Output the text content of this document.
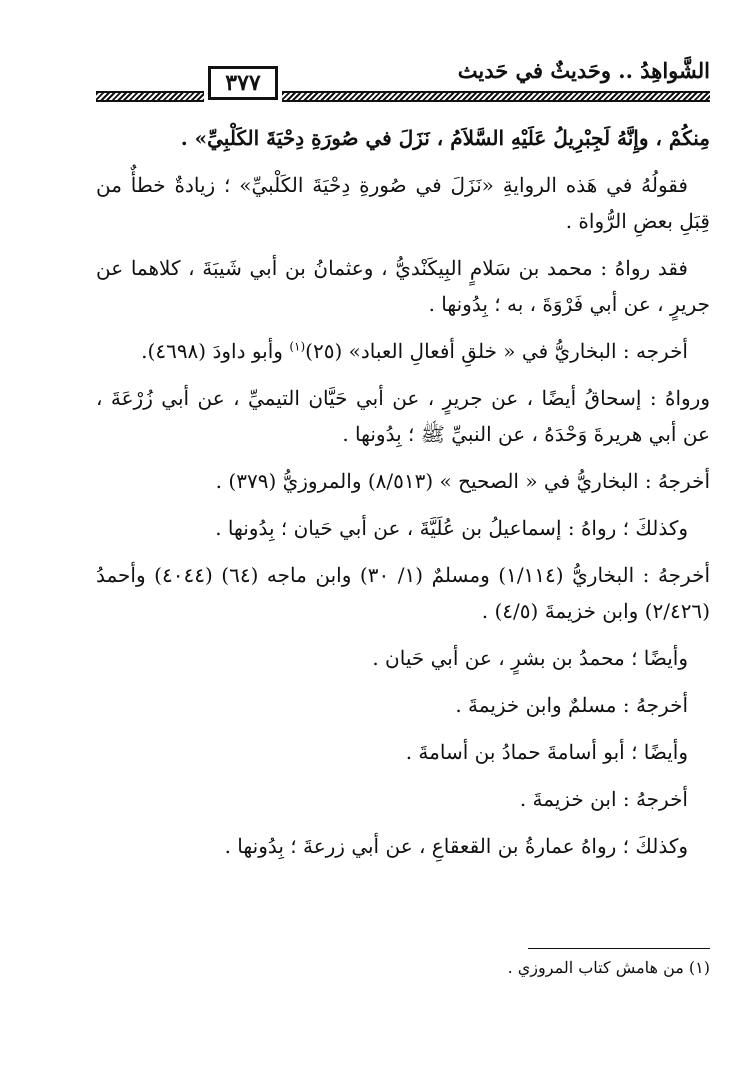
الشَّواهِدُ .. وحَديثٌ في حَديث
٣٧٧

مِنكُمْ ، وإِنَّهُ لَجِبْرِيلُ عَلَيْهِ السَّلاَمُ ، نَزَلَ في صُورَةِ دِحْيَةَ الكَلْبِيِّ» .

فقولُهُ في هَذه الروايةِ «نَزَلَ في صُورةِ دِحْيَةَ الكَلْبيِّ» ؛ زيادةٌ خطأٌ من قِبَلِ بعضِ الرُّواة .

فقد رواهُ : محمد بن سَلامٍ البِيكَنْديُّ ، وعثمانُ بن أبي شَيبَةَ ، كلاهما عن جريرٍ ، عن أبي فَرْوَةَ ، به ؛ بِدُونها .

أخرجه : البخاريُّ في « خلقِ أفعالِ العباد» (٢٥)$^{(١)}$ وأبو داودَ (٤٦٩٨).

ورواهُ : إسحاقُ أيضًا ، عن جريرٍ ، عن أبي حَيَّان التيميِّ ، عن أبي زُرْعَةَ ، عن أبي هريرةَ وَحْدَهُ ، عن النبيِّ ﷺ ؛ بِدُونها .

أخرجهُ : البخاريُّ في « الصحيح » (٨/٥١٣) والمروزيُّ (٣٧٩) .

وكذلكَ ؛ رواهُ : إسماعيلُ بن عُلَيَّةَ ، عن أبي حَيان ؛ بِدُونها .

أخرجهُ : البخاريُّ (١/١١٤) ومسلمٌ (١/ ٣٠) وابن ماجه (٦٤) (٤٠٤٤) وأحمدُ (٢/٤٢٦) وابن خزيمةَ (٤/٥) .

وأيضًا ؛ محمدُ بن بشرٍ ، عن أبي حَيان .

أخرجهُ : مسلمٌ وابن خزيمةَ .

وأيضًا ؛ أبو أسامةَ حمادُ بن أسامةَ .

أخرجهُ : ابن خزيمةَ .

وكذلكَ ؛ رواهُ عمارةُ بن القعقاعِ ، عن أبي زرعةَ ؛ بِدُونها .

(١) من هامش كتاب المروزي .
